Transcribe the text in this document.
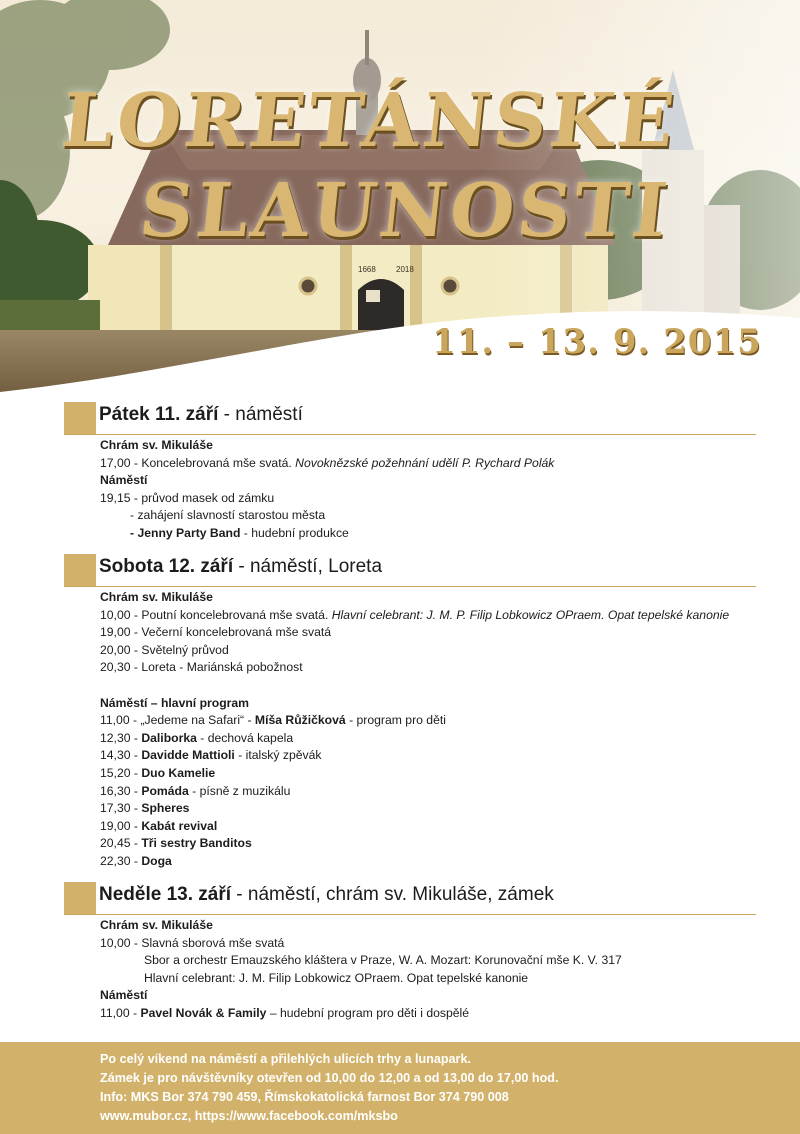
LORETÁNSKÉ
SLAUNOSTI
11. – 13. 9. 2015
Pátek 11. září - náměstí
Chrám sv. Mikuláše
17,00 - Koncelebrovaná mše svatá. Novoknězské požehnání udělí P. Rychard Polák
Náměstí
19,15 - průvod masek od zámku
- zahájení slavností starostou města
- Jenny Party Band - hudební produkce
Sobota 12. září - náměstí, Loreta
Chrám sv. Mikuláše
10,00 - Poutní koncelebrovaná mše svatá. Hlavní celebrant: J. M. P. Filip Lobkowicz OPraem. Opat tepelské kanonie
19,00 - Večerní koncelebrovaná mše svatá
20,00 - Světelný průvod
20,30 - Loreta - Mariánská pobožnost
Náměstí – hlavní program
11,00 - „Jedeme na Safari“ - Míša Růžičková - program pro děti
12,30 - Daliborka - dechová kapela
14,30 - Davidde Mattioli - italský zpěvák
15,20 - Duo Kamelie
16,30 - Pomáda - písně z muzikálu
17,30 - Spheres
19,00 - Kabát revival
20,45 - Tři sestry Banditos
22,30 - Doga
Neděle 13. září - náměstí, chrám sv. Mikuláše, zámek
Chrám sv. Mikuláše
10,00 - Slavná sborová mše svatá
Sbor a orchestr Emauzského kláštera v Praze, W. A. Mozart: Korunovační mše K. V. 317
Hlavní celebrant: J. M. Filip Lobkowicz OPraem. Opat tepelské kanonie
Náměstí
11,00 - Pavel Novák & Family – hudební program pro děti i dospělé
Po celý víkend na náměstí a přilehlých ulicích trhy a lunapark.
Zámek je pro návštěvníky otevřen od 10,00 do 12,00 a od 13,00 do 17,00 hod.
Info: MKS Bor 374 790 459, Římskokatolická farnost Bor 374 790 008
www.mubor.cz, https://www.facebook.com/mksbo
